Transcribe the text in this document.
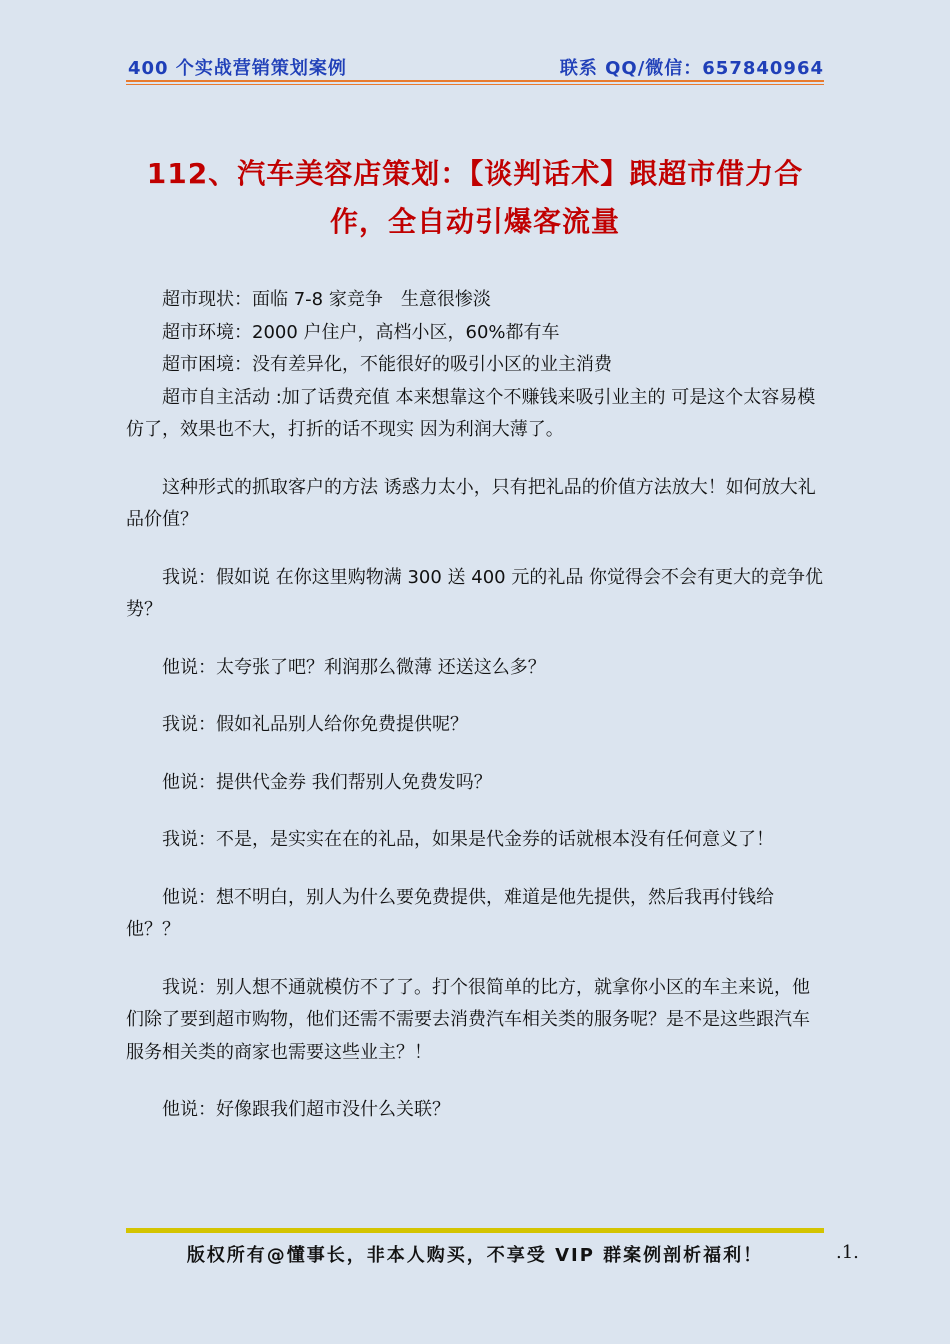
400 个实战营销策划案例	联系 QQ/微信：657840964
112、汽车美容店策划：【谈判话术】跟超市借力合作，全自动引爆客流量

超市现状：面临 7-8 家竞争　生意很惨淡

超市环境：2000 户住户，高档小区，60%都有车

超市困境：没有差异化，不能很好的吸引小区的业主消费

超市自主活动 :加了话费充值 本来想靠这个不赚钱来吸引业主的 可是这个太容易模仿了，效果也不大，打折的话不现实 因为利润大薄了。

这种形式的抓取客户的方法 诱惑力太小，只有把礼品的价值方法放大！如何放大礼品价值？

我说：假如说 在你这里购物满 300 送 400 元的礼品 你觉得会不会有更大的竞争优势？

他说：太夸张了吧？利润那么微薄 还送这么多？

我说：假如礼品别人给你免费提供呢？

他说：提供代金券 我们帮别人免费发吗？

我说：不是，是实实在在的礼品，如果是代金券的话就根本没有任何意义了！

他说：想不明白，别人为什么要免费提供，难道是他先提供，然后我再付钱给他？？

我说：别人想不通就模仿不了了。打个很简单的比方，就拿你小区的车主来说，他们除了要到超市购物，他们还需不需要去消费汽车相关类的服务呢？是不是这些跟汽车服务相关类的商家也需要这些业主？！

他说：好像跟我们超市没什么关联？

版权所有@懂事长，非本人购买，不享受 VIP 群案例剖析福利！	.1.
